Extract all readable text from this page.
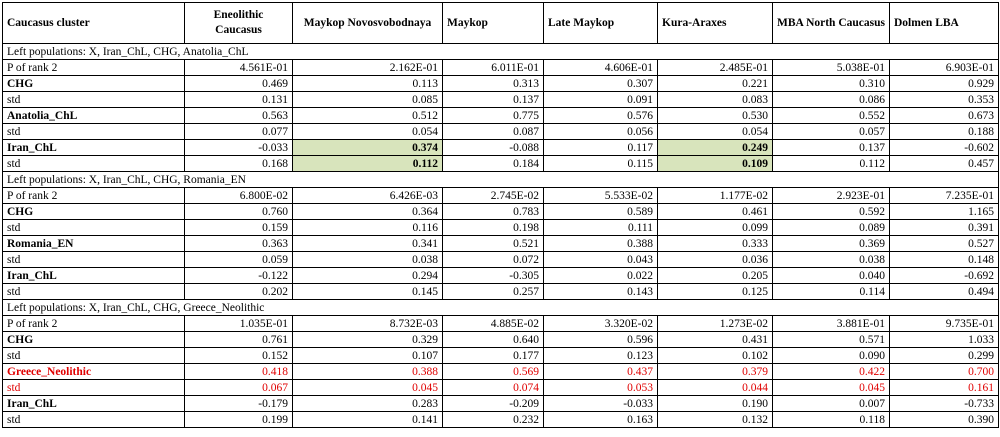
Caucasus cluster	Eneolithic Caucasus	Maykop Novosvobodnaya	Maykop	Late Maykop	Kura-Araxes	MBA North Caucasus	Dolmen LBA
Left populations: X, Iran_ChL, CHG, Anatolia_ChL							
P of rank 2	4.561E-01	2.162E-01	6.011E-01	4.606E-01	2.485E-01	5.038E-01	6.903E-01
CHG	0.469	0.113	0.313	0.307	0.221	0.310	0.929
std	0.131	0.085	0.137	0.091	0.083	0.086	0.353
Anatolia_ChL	0.563	0.512	0.775	0.576	0.530	0.552	0.673
std	0.077	0.054	0.087	0.056	0.054	0.057	0.188
Iran_ChL	-0.033	0.374	-0.088	0.117	0.249	0.137	-0.602
std	0.168	0.112	0.184	0.115	0.109	0.112	0.457
Left populations: X, Iran_ChL, CHG, Romania_EN							
P of rank 2	6.800E-02	6.426E-03	2.745E-02	5.533E-02	1.177E-02	2.923E-01	7.235E-01
CHG	0.760	0.364	0.783	0.589	0.461	0.592	1.165
std	0.159	0.116	0.198	0.111	0.099	0.089	0.391
Romania_EN	0.363	0.341	0.521	0.388	0.333	0.369	0.527
std	0.059	0.038	0.072	0.043	0.036	0.038	0.148
Iran_ChL	-0.122	0.294	-0.305	0.022	0.205	0.040	-0.692
std	0.202	0.145	0.257	0.143	0.125	0.114	0.494
Left populations: X, Iran_ChL, CHG, Greece_Neolithic							
P of rank 2	1.035E-01	8.732E-03	4.885E-02	3.320E-02	1.273E-02	3.881E-01	9.735E-01
CHG	0.761	0.329	0.640	0.596	0.431	0.571	1.033
std	0.152	0.107	0.177	0.123	0.102	0.090	0.299
Greece_Neolithic	0.418	0.388	0.569	0.437	0.379	0.422	0.700
std	0.067	0.045	0.074	0.053	0.044	0.045	0.161
Iran_ChL	-0.179	0.283	-0.209	-0.033	0.190	0.007	-0.733
std	0.199	0.141	0.232	0.163	0.132	0.118	0.390
